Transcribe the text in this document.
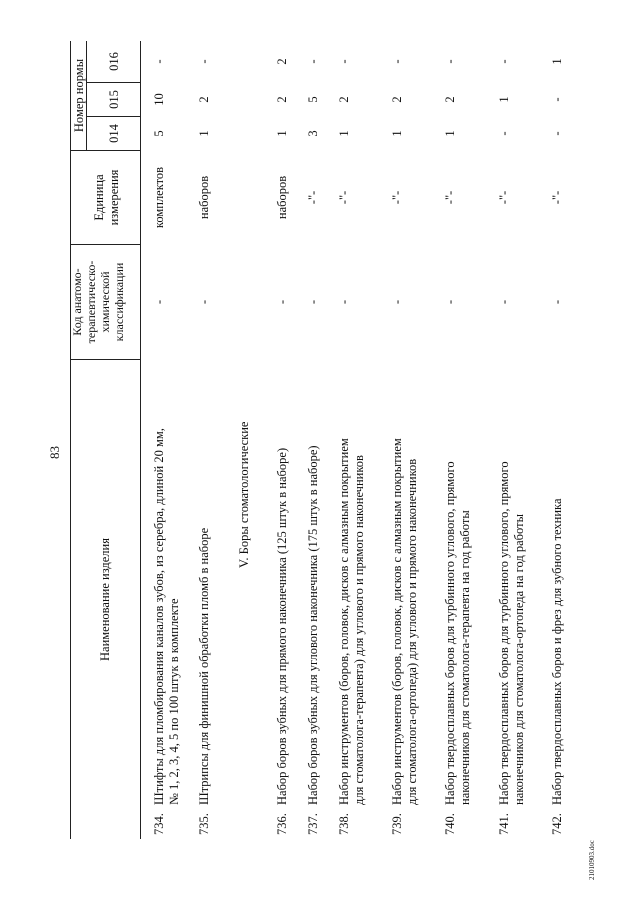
83
Наименование изделия
Код анатомо- терапевтическо- химической классификации
Единица измерения
Номер нормы
014
015
016
734.
Штифты для пломбирования каналов зубов, из серебра, длиной 20 мм, № 1, 2, 3, 4, 5 по 100 штук в комплекте
-
комплектов
5
10
-
735.
Штрипсы для финишной обработки пломб в наборе
-
наборов
1
2
-
V. Боры стоматологические
736.
Набор боров зубных для прямого наконечника (125 штук в наборе)
-
наборов
1
2
2
737.
Набор боров зубных для углового наконечника (175 штук в наборе)
-
-"-
3
5
-
738.
Набор инструментов (боров, головок, дисков с алмазным покрытием для стоматолога-терапевта) для углового и прямого наконечников
-
-"-
1
2
-
739.
Набор инструментов (боров, головок, дисков с алмазным покрытием для стоматолога-ортопеда) для углового и прямого наконечников
-
-"-
1
2
-
740.
Набор твердосплавных боров для турбинного углового, прямого наконечников для стоматолога-терапевта на год работы
-
-"-
1
2
-
741.
Набор твердосплавных боров для турбинного углового, прямого наконечников для стоматолога-ортопеда на год работы
-
-"-
-
1
-
742.
Набор твердосплавных боров и фрез для зубного техника
-
-"-
-
-
1
21010903.doc
